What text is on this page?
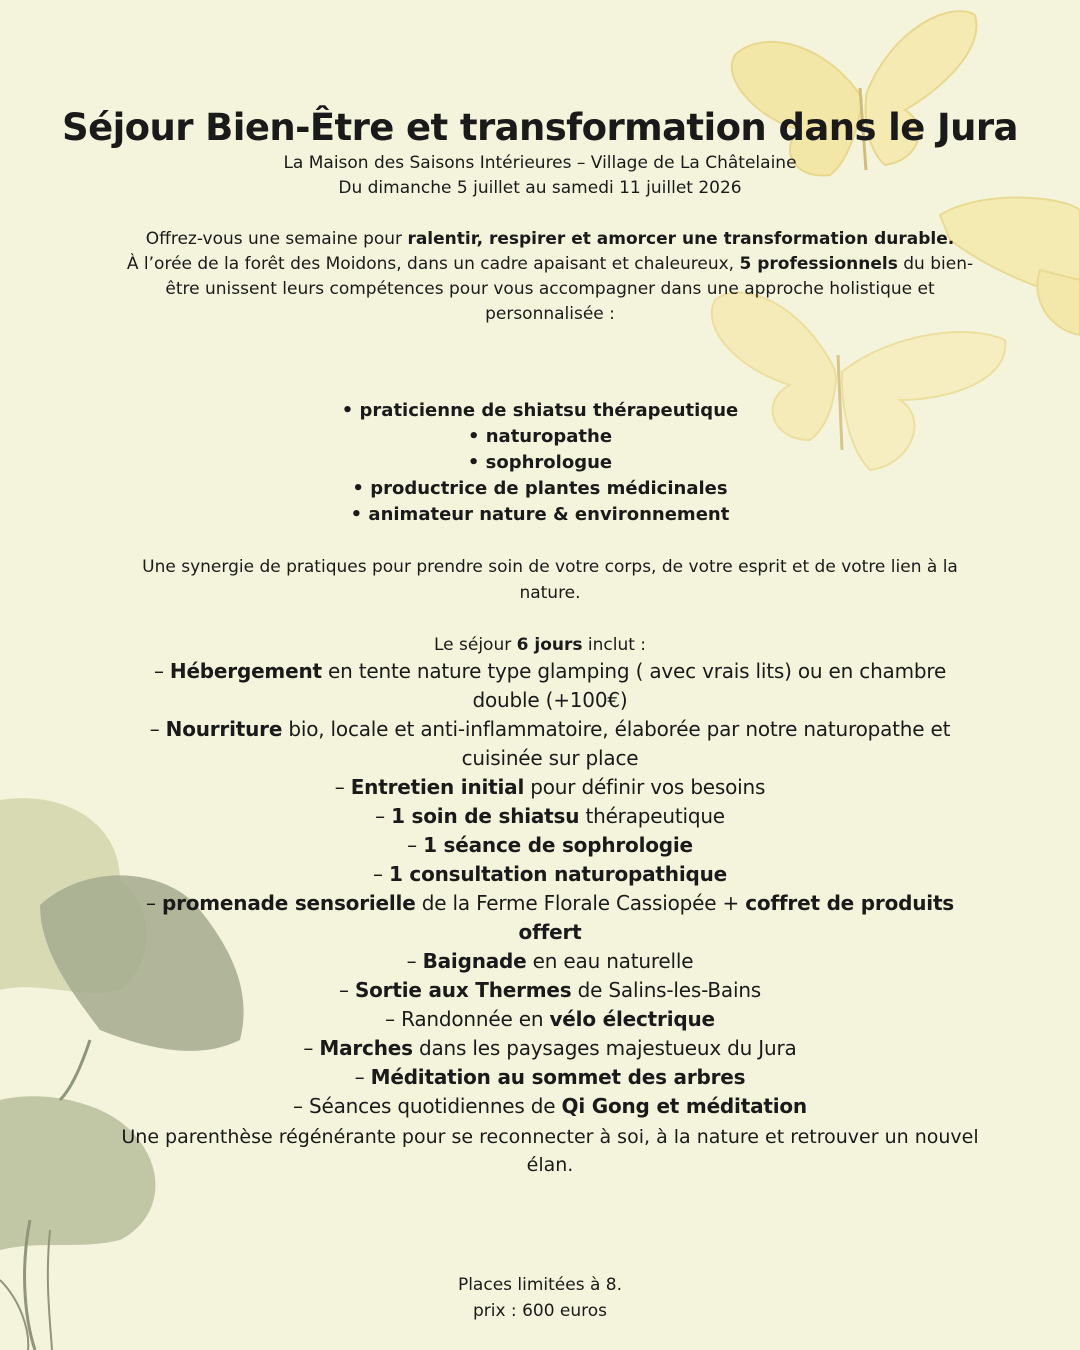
Séjour Bien-Être et transformation dans le Jura
La Maison des Saisons Intérieures – Village de La Châtelaine
Du dimanche 5 juillet au samedi 11 juillet 2026
Offrez-vous une semaine pour ralentir, respirer et amorcer une transformation durable.
À l’orée de la forêt des Moidons, dans un cadre apaisant et chaleureux, 5 professionnels du bien-être unissent leurs compétences pour vous accompagner dans une approche holistique et personnalisée :
• praticienne de shiatsu thérapeutique
• naturopathe
• sophrologue
• productrice de plantes médicinales
• animateur nature & environnement
Une synergie de pratiques pour prendre soin de votre corps, de votre esprit et de votre lien à la nature.
Le séjour 6 jours inclut :
– Hébergement en tente nature type glamping ( avec vrais lits) ou en chambre double (+100€)
– Nourriture bio, locale et anti-inflammatoire, élaborée par notre naturopathe et cuisinée sur place
– Entretien initial pour définir vos besoins
– 1 soin de shiatsu thérapeutique
– 1 séance de sophrologie
– 1 consultation naturopathique
– promenade sensorielle de la Ferme Florale Cassiopée + coffret de produits offert
– Baignade en eau naturelle
– Sortie aux Thermes de Salins-les-Bains
– Randonnée en vélo électrique
– Marches dans les paysages majestueux du Jura
– Méditation au sommet des arbres
– Séances quotidiennes de Qi Gong et méditation
Une parenthèse régénérante pour se reconnecter à soi, à la nature et retrouver un nouvel élan.
Places limitées à 8.
prix : 600 euros
